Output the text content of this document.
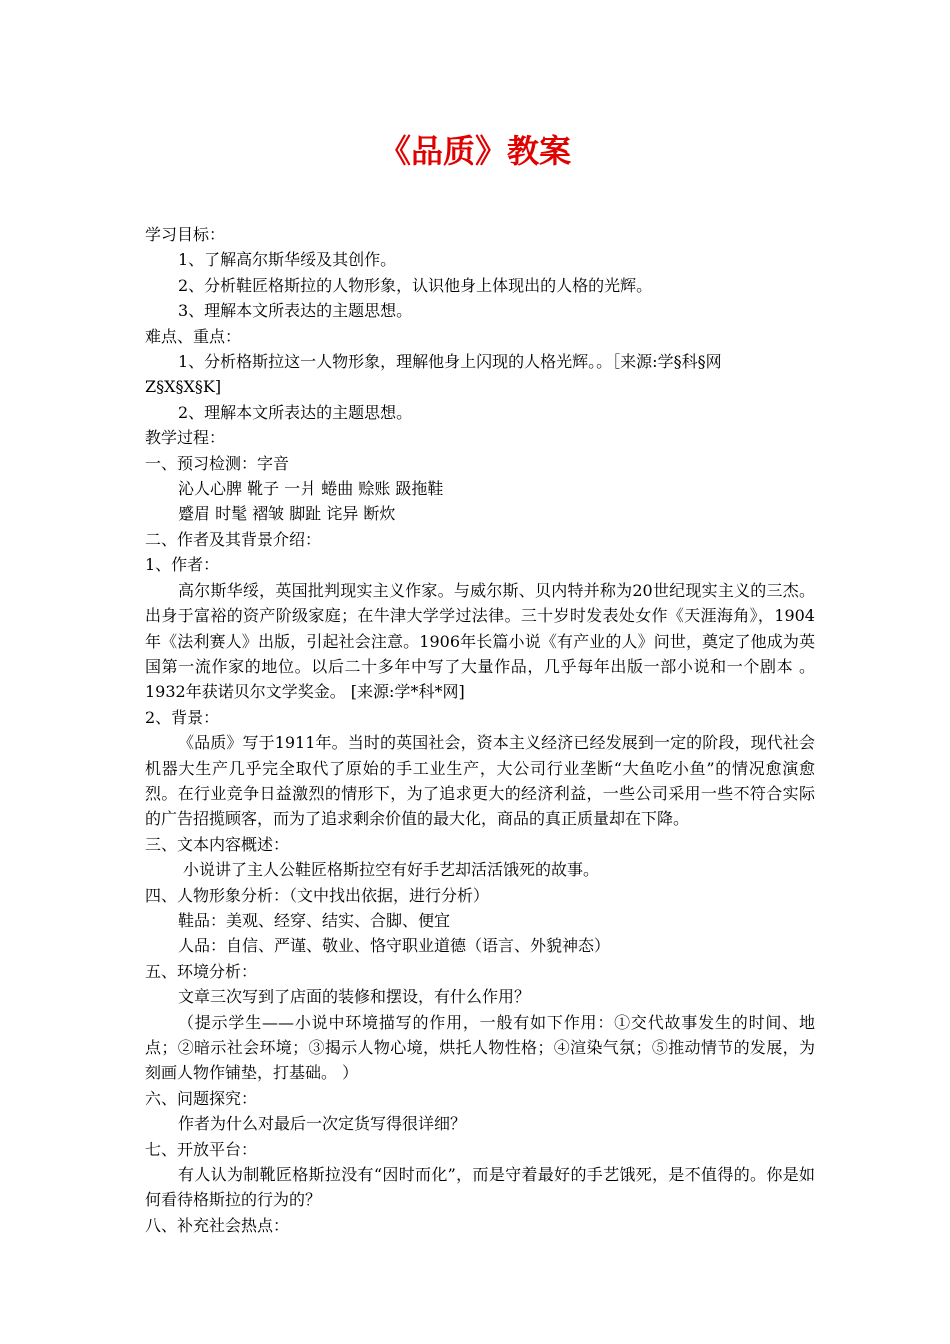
《品质》教案

学习目标：

1、了解高尔斯华绥及其创作。

2、分析鞋匠格斯拉的人物形象，认识他身上体现出的人格的光辉。

3、理解本文所表达的主题思想。

难点、重点：

1、分析格斯拉这一人物形象，理解他身上闪现的人格光辉。。［来源:学§科§网

Z§X§X§K]

2、理解本文所表达的主题思想。

教学过程：

一、预习检测：字音

沁人心脾 靴子 一爿 蜷曲 赊账 趿拖鞋

蹙眉 时髦 褶皱 脚趾 诧异 断炊

二、作者及其背景介绍：

1、作者：

高尔斯华绥，英国批判现实主义作家。与威尔斯、贝内特并称为20世纪现实主义的三杰。出身于富裕的资产阶级家庭；在牛津大学学过法律。三十岁时发表处女作《天涯海角》，1904年《法利赛人》出版，引起社会注意。1906年长篇小说《有产业的人》问世，奠定了他成为英国第一流作家的地位。以后二十多年中写了大量作品，几乎每年出版一部小说和一个剧本 。1932年获诺贝尔文学奖金。 [来源:学*科*网]

2、背景：

《品质》写于1911年。当时的英国社会，资本主义经济已经发展到一定的阶段，现代社会机器大生产几乎完全取代了原始的手工业生产，大公司行业垄断“大鱼吃小鱼”的情况愈演愈烈。在行业竞争日益激烈的情形下，为了追求更大的经济利益，一些公司采用一些不符合实际的广告招揽顾客，而为了追求剩余价值的最大化，商品的真正质量却在下降。

三、文本内容概述：

小说讲了主人公鞋匠格斯拉空有好手艺却活活饿死的故事。

四、人物形象分析：（文中找出依据，进行分析）

鞋品：美观、经穿、结实、合脚、便宜

人品：自信、严谨、敬业、恪守职业道德（语言、外貌神态）

五、环境分析：

文章三次写到了店面的装修和摆设，有什么作用？

（提示学生——小说中环境描写的作用，一般有如下作用：①交代故事发生的时间、地点；②暗示社会环境；③揭示人物心境，烘托人物性格；④渲染气氛；⑤推动情节的发展，为刻画人物作铺垫，打基础。 ）

六、问题探究：

作者为什么对最后一次定货写得很详细？

七、开放平台：

有人认为制靴匠格斯拉没有“因时而化”，而是守着最好的手艺饿死，是不值得的。你是如何看待格斯拉的行为的？

八、补充社会热点：
